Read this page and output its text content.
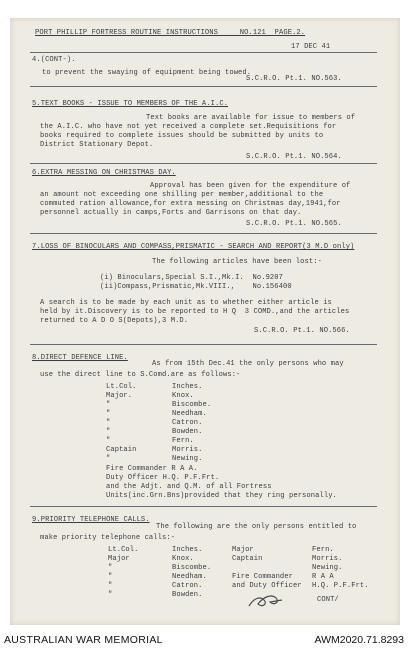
PORT PHILLIP FORTRESS ROUTINE INSTRUCTIONS     NO.121  PAGE.2.
17 DEC 41
4.(CONT-).
to prevent the swaying of equipment being towed.
S.C.R.O. Pt.1. NO.563.
5.TEXT BOOKS - ISSUE TO MEMBERS OF THE A.I.C.
Text books are available for issue to members of
the A.I.C. who have not yet received a complete set.Requisitions for
books required to complete issues should be submitted by units to
District Stationary Depot.
S.C.R.O. Pt.1. NO.564.
6.EXTRA MESSING ON CHRISTMAS DAY.
Approval has been given for the expenditure of
an amount not exceeding one shilling per member,additional to the
commuted ration allowance,for extra messing on Christmas day,1941,for
personnel actually in camps,Forts and Garrisons on that day.
S.C.R.O. Pt.1. NO.565.
7.LOSS OF BINOCULARS AND COMPASS,PRISMATIC - SEARCH AND REPORT(3 M.D only)
The following articles have been lost:-
(i) Binoculars,Special S.I.,Mk.I.  No.9207
(ii)Compass,Prismatic,Mk.VIII.,    No.156400
A search is to be made by each unit as to whether either article is
held by it.Discovery is to be reported to H Q  3 COMD.,and the articles
returned to A D O S(Depots),3 M.D.
S.C.R.O. Pt.1. NO.566.
8.DIRECT DEFENCE LINE.
As from 15th Dec.41 the only persons who may
use the direct line to S.Comd.are as follows:-
Lt.Col.
Major.
"
"
"
"
"
Captain
"
Inches.
Knox.
Biscombe.
Needham.
Catron.
Bowden.
Fern.
Morris.
Newing.
Fire Commander R A A.
Duty Officer H.Q. P.F.Frt.
and the Adjt. and Q.M. of all Fortress
Units(inc.Grn.Bns)provided that they ring personally.
9.PRIORITY TELEPHONE CALLS.
The following are the only persons entitled to
make priority telephone calls:-
Lt.Col.
Major
"
"
"
"
Inches.
Knox.
Biscombe.
Needham.
Catron.
Bowden.
Major
Captain
Fire Commander
and Duty Officer
Fern.
Morris.
Newing.
R A A
H.Q. P.F.Frt.
CONT/
AUSTRALIAN WAR MEMORIAL	AWM2020.71.8293
